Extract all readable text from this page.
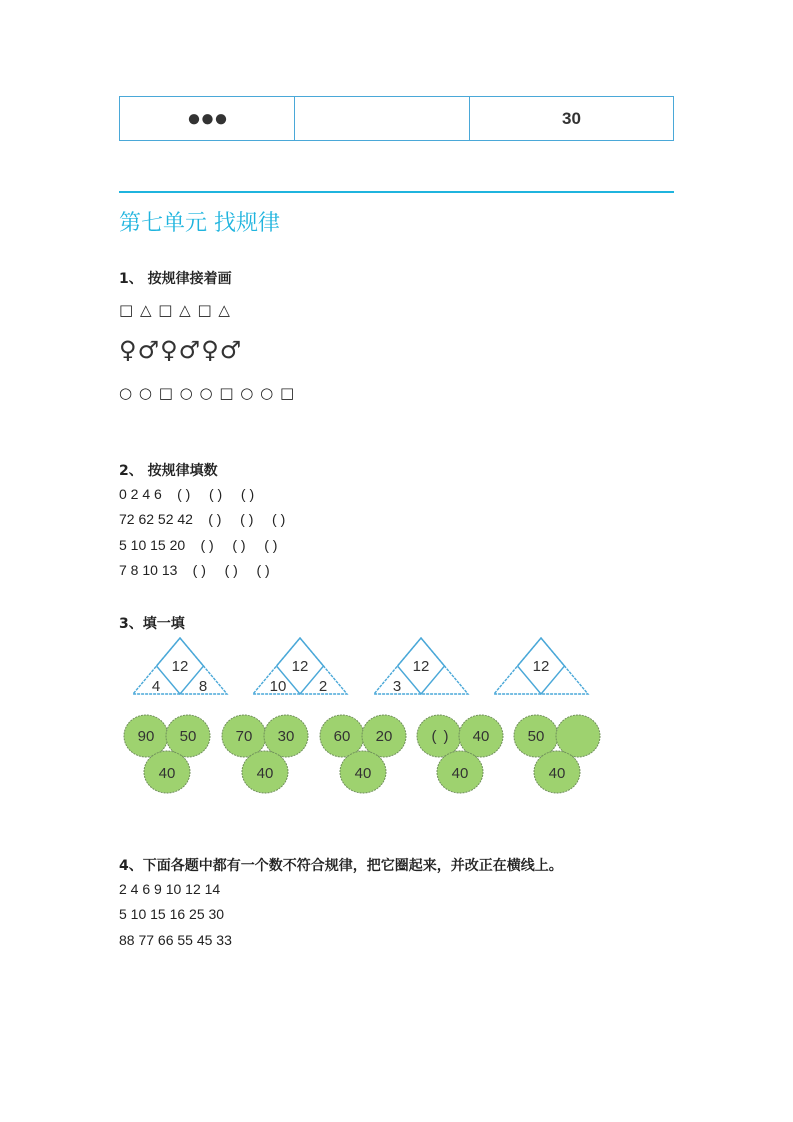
●●●		30
第七单元 找规律
1、 按规律接着画
□ △ □ △ □ △
♀♂♀♂♀♂
○ ○ □ ○ ○ □ ○ ○ □
2、 按规律填数
0 2 4 6 ( ) ( ) ( )
72 62 52 42 ( ) ( ) ( )
5 10 15 20 ( ) ( ) ( )
7 8 10 13 ( ) ( ) ( )
3、填一填
12
4	8
12
10 2
12
3
12
90 50
40
70 30
40
60 20
40
( ) 40
40
50
40
4、下面各题中都有一个数不符合规律，把它圈起来，并改正在横线上。
2 4 6 9 10 12 14
5 10 15 16 25 30
88 77 66 55 45 33
